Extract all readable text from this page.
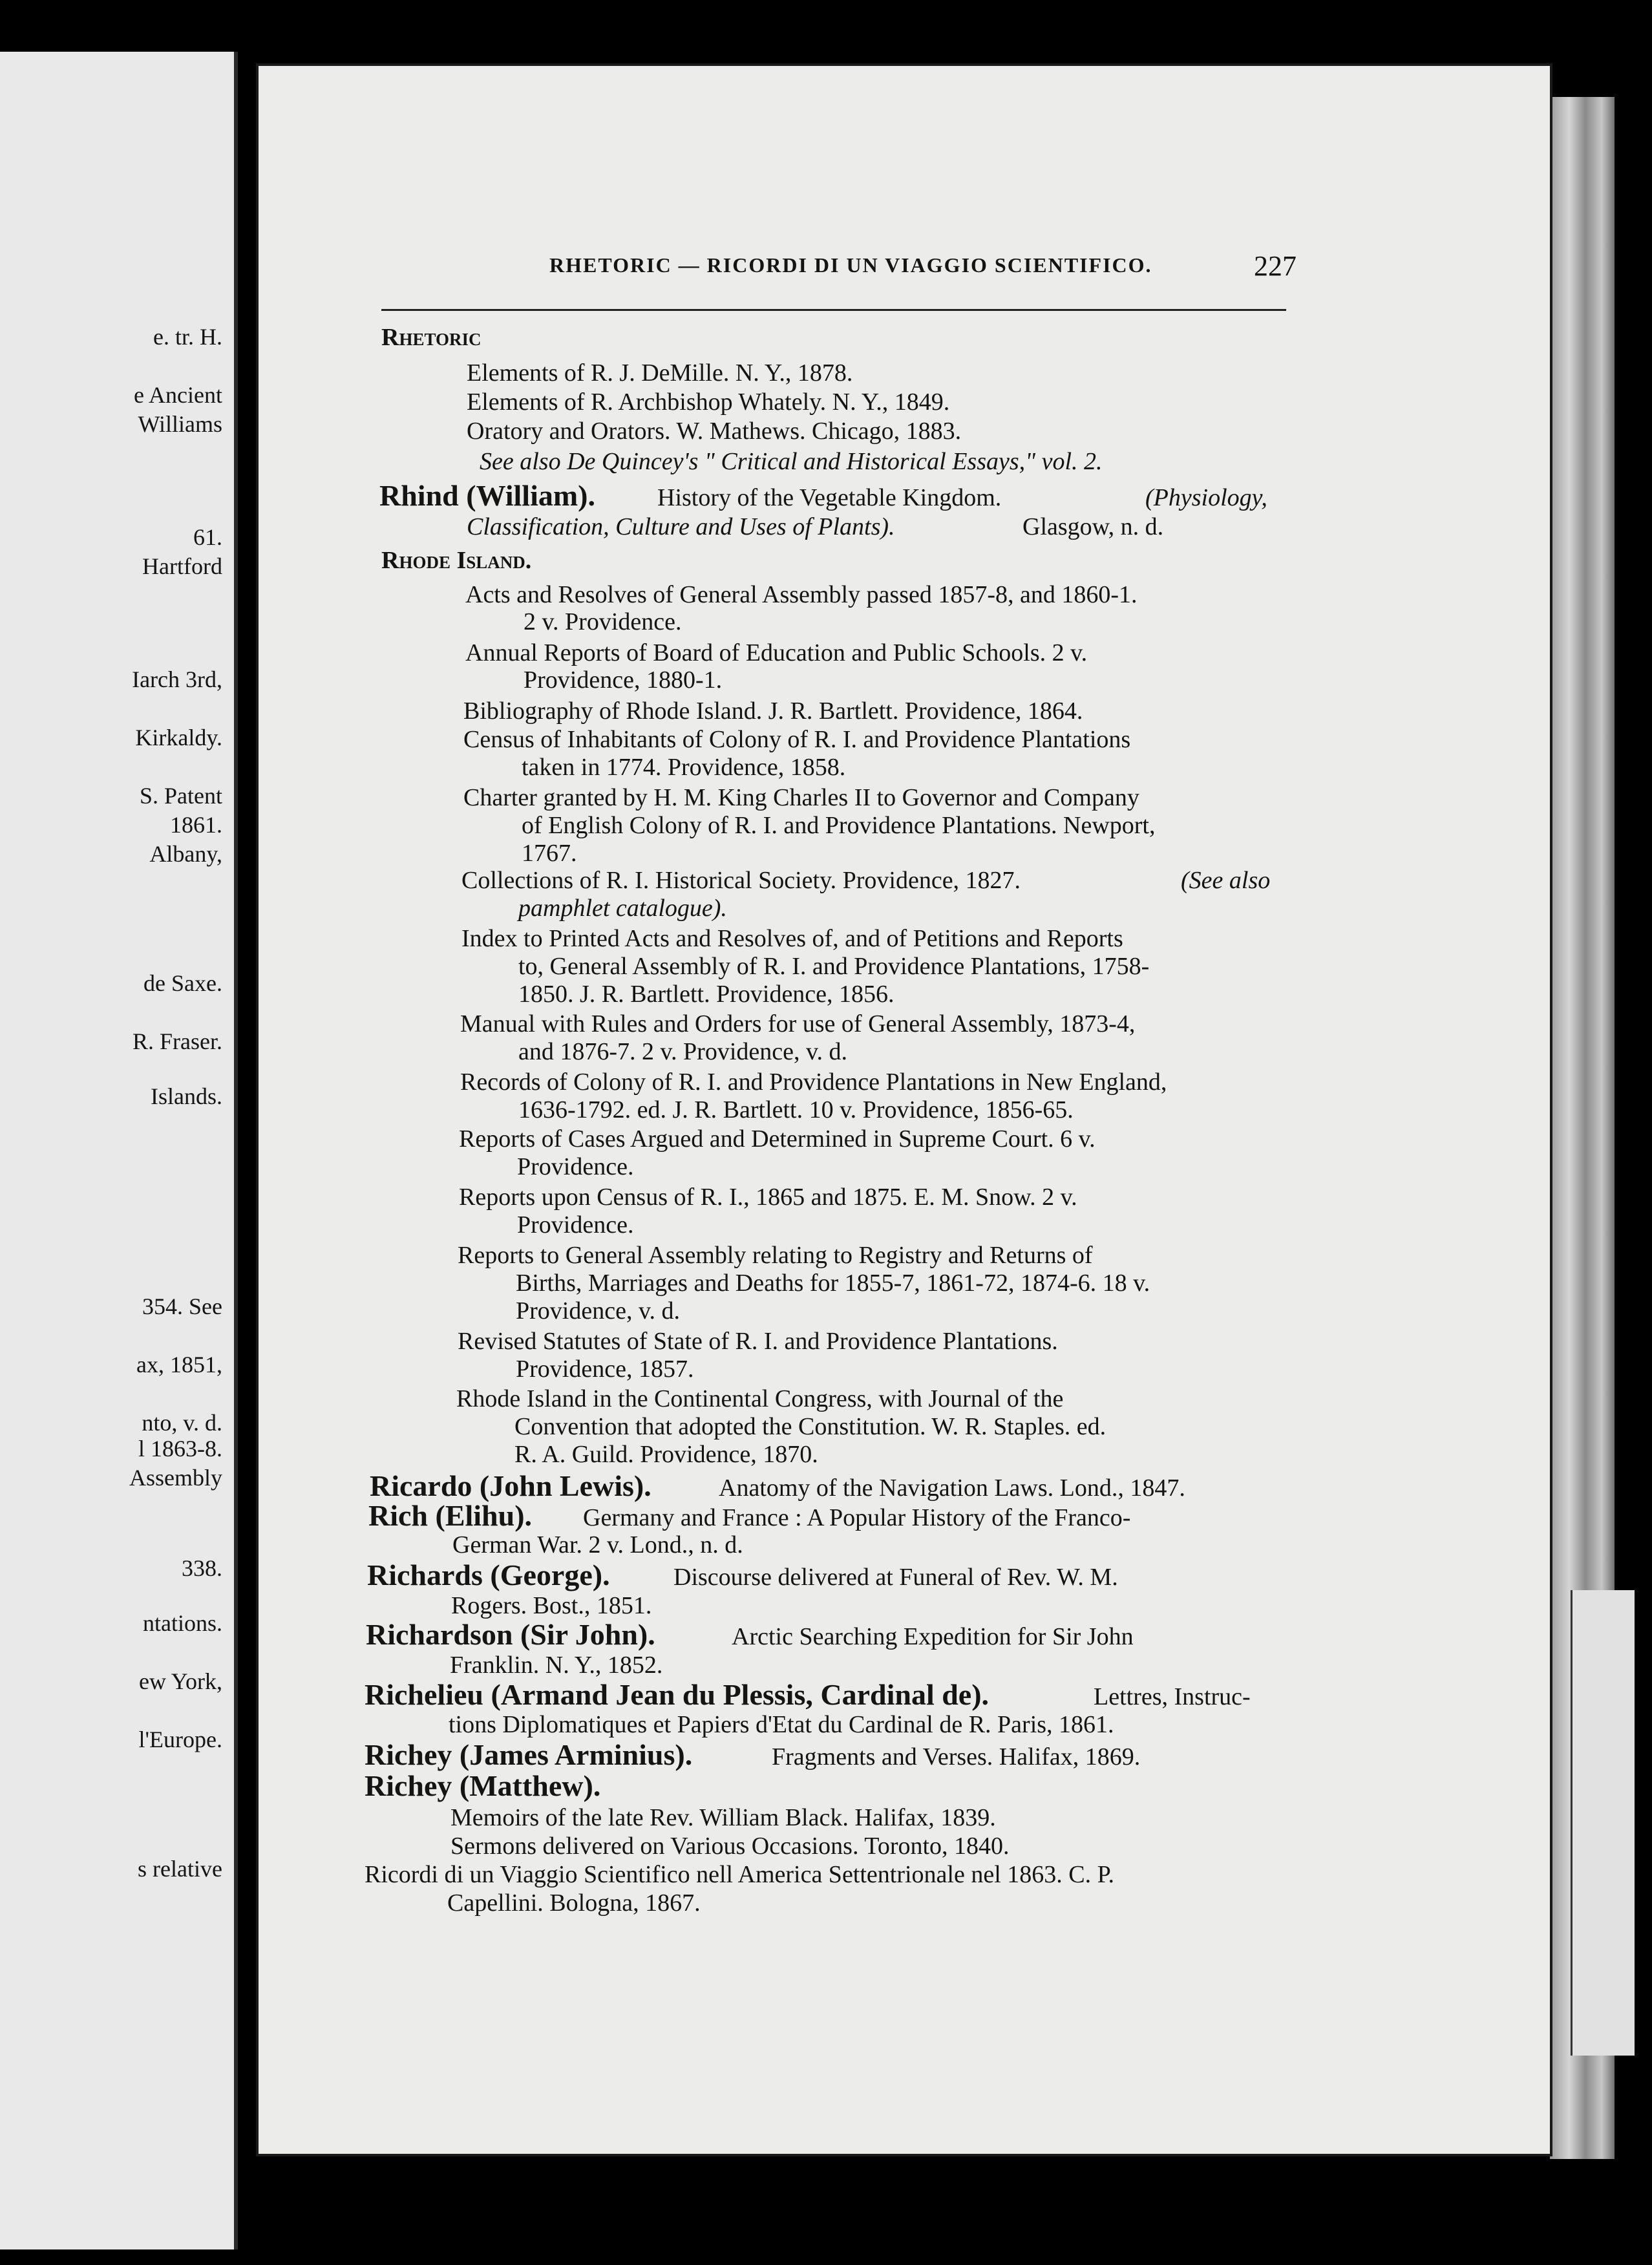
e. tr. H.
e Ancient
Williams
61.
Hartford
Iarch 3rd,
Kirkaldy.
S. Patent
1861.
Albany,
de Saxe.
R. Fraser.
Islands.
354. See
ax, 1851,
nto, v. d.
l 1863-8.
Assembly
338.
ntations.
ew York,
l'Europe.
s relative
RHETORIC — RICORDI DI UN VIAGGIO SCIENTIFICO.	227
Rhetoric
Elements of R. J. DeMille. N. Y., 1878.
Elements of R. Archbishop Whately. N. Y., 1849.
Oratory and Orators. W. Mathews. Chicago, 1883.
See also De Quincey's " Critical and Historical Essays," vol. 2.
Rhind (William).	History of the Vegetable Kingdom.	(Physiology,
Classification, Culture and Uses of Plants).	Glasgow, n. d.
Rhode Island.
Acts and Resolves of General Assembly passed 1857-8, and 1860-1.
2 v. Providence.
Annual Reports of Board of Education and Public Schools. 2 v.
Providence, 1880-1.
Bibliography of Rhode Island. J. R. Bartlett. Providence, 1864.
Census of Inhabitants of Colony of R. I. and Providence Plantations
taken in 1774. Providence, 1858.
Charter granted by H. M. King Charles II to Governor and Company
of English Colony of R. I. and Providence Plantations. Newport,
1767.
Collections of R. I. Historical Society. Providence, 1827.	(See also
pamphlet catalogue).
Index to Printed Acts and Resolves of, and of Petitions and Reports
to, General Assembly of R. I. and Providence Plantations, 1758-
1850. J. R. Bartlett. Providence, 1856.
Manual with Rules and Orders for use of General Assembly, 1873-4,
and 1876-7. 2 v. Providence, v. d.
Records of Colony of R. I. and Providence Plantations in New England,
1636-1792. ed. J. R. Bartlett. 10 v. Providence, 1856-65.
Reports of Cases Argued and Determined in Supreme Court. 6 v.
Providence.
Reports upon Census of R. I., 1865 and 1875. E. M. Snow. 2 v.
Providence.
Reports to General Assembly relating to Registry and Returns of
Births, Marriages and Deaths for 1855-7, 1861-72, 1874-6. 18 v.
Providence, v. d.
Revised Statutes of State of R. I. and Providence Plantations.
Providence, 1857.
Rhode Island in the Continental Congress, with Journal of the
Convention that adopted the Constitution. W. R. Staples. ed.
R. A. Guild. Providence, 1870.
Ricardo (John Lewis).	Anatomy of the Navigation Laws. Lond., 1847.
Rich (Elihu). Germany and France : A Popular History of the Franco-
German War. 2 v. Lond., n. d.
Richards (George).	Discourse delivered at Funeral of Rev. W. M.
Rogers. Bost., 1851.
Richardson (Sir John).	Arctic Searching Expedition for Sir John
Franklin. N. Y., 1852.
Richelieu (Armand Jean du Plessis, Cardinal de).	Lettres, Instruc-
tions Diplomatiques et Papiers d'Etat du Cardinal de R. Paris, 1861.
Richey (James Arminius).	Fragments and Verses. Halifax, 1869.
Richey (Matthew).
Memoirs of the late Rev. William Black. Halifax, 1839.
Sermons delivered on Various Occasions. Toronto, 1840.
Ricordi di un Viaggio Scientifico nell America Settentrionale nel 1863. C. P.
Capellini. Bologna, 1867.
